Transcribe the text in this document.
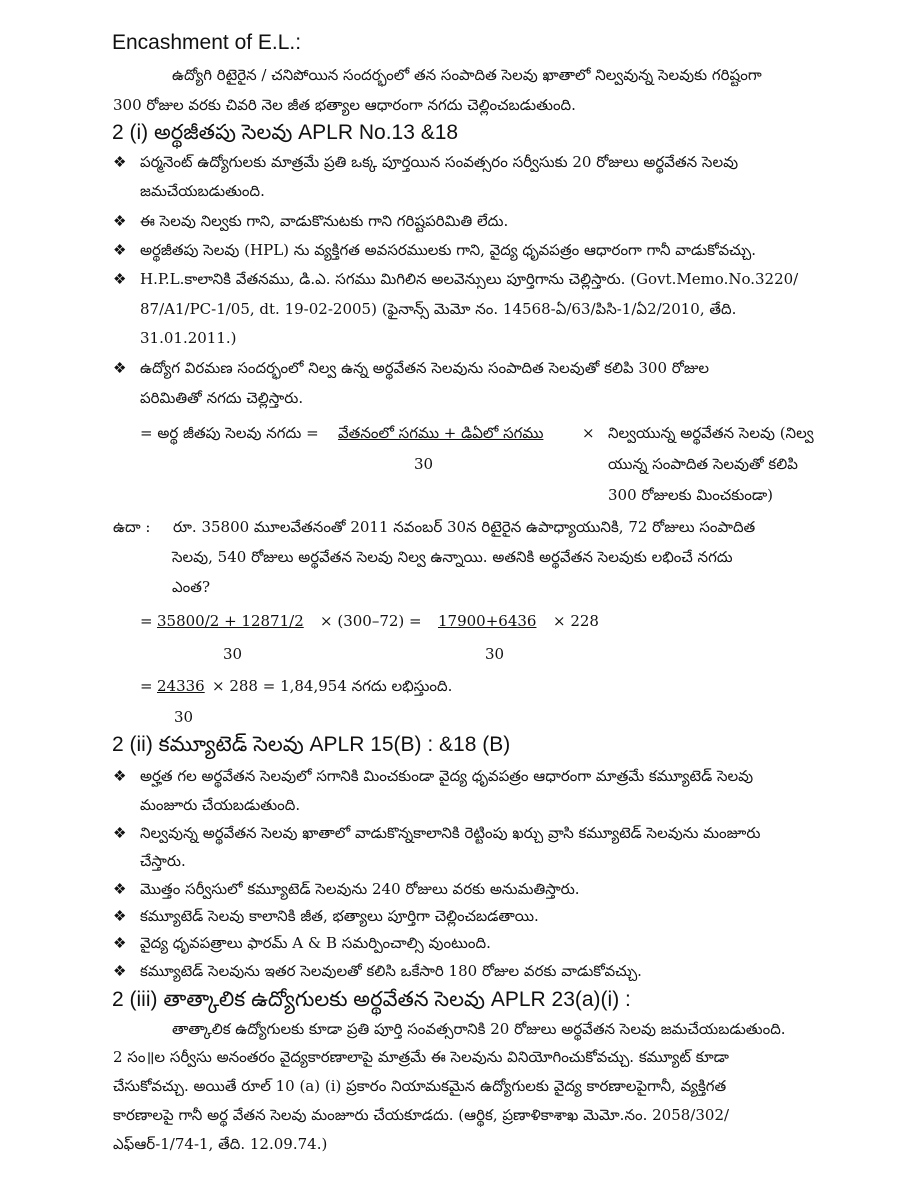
Encashment of E.L.:
ఉద్యోగి రిటైరైన / చనిపోయిన సందర్భంలో తన సంపాదిత సెలవు ఖాతాలో నిల్వవున్న సెలవుకు గరిష్టంగా
300 రోజుల వరకు చివరి నెల జీత భత్యాల ఆధారంగా నగదు చెల్లించబడుతుంది.
2 (i) అర్థజీతపు సెలవు APLR No.13 &18
❖ పర్మనెంట్ ఉద్యోగులకు మాత్రమే ప్రతి ఒక్క పూర్తయిన సంవత్సరం సర్వీసుకు 20 రోజులు అర్థవేతన సెలవు
జమచేయబడుతుంది.
❖ ఈ సెలవు నిల్వకు గాని, వాడుకొనుటకు గాని గరిష్టపరిమితి లేదు.
❖ అర్థజీతపు సెలవు (HPL) ను వ్యక్తిగత అవసరములకు గాని, వైద్య ధృవపత్రం ఆధారంగా గానీ వాడుకోవచ్చు.
❖ H.P.L.కాలానికి వేతనము, డి.ఎ. సగము మిగిలిన అలవెన్సులు పూర్తిగాను చెల్లిస్తారు. (Govt.Memo.No.3220/
87/A1/PC-1/05, dt. 19-02-2005) (ఫైనాన్స్ మెమో నం. 14568-ఏ/63/పిసి-1/ఏ2/2010, తేది.
31.01.2011.)
❖ ఉద్యోగ విరమణ సందర్భంలో నిల్వ ఉన్న అర్థవేతన సెలవును సంపాదిత సెలవుతో కలిపి 300 రోజుల
పరిమితితో నగదు చెల్లిస్తారు.
= అర్థ జీతపు సెలవు నగదు = వేతనంలో సగము + డిఏలో సగము	× నిల్వయున్న అర్థవేతన సెలవు (నిల్వ
30	యున్న సంపాదిత సెలవుతో కలిపి
300 రోజులకు మించకుండా)
ఉదా : రూ. 35800 మూలవేతనంతో 2011 నవంబర్ 30న రిటైరైన ఉపాధ్యాయునికి, 72 రోజులు సంపాదిత
సెలవు, 540 రోజులు అర్థవేతన సెలవు నిల్వ ఉన్నాయి. అతనికి అర్థవేతన సెలవుకు లభించే నగదు
ఎంత?
= 35800/2 + 12871/2 × (300–72) = 17900+6436 × 228
30	30
= 24336 × 288 = 1,84,954 నగదు లభిస్తుంది.
30
2 (ii) కమ్యూటెడ్ సెలవు APLR 15(B) : &18 (B)
❖ అర్హత గల అర్థవేతన సెలవులో సగానికి మించకుండా వైద్య ధృవపత్రం ఆధారంగా మాత్రమే కమ్యూటెడ్ సెలవు
మంజూరు చేయబడుతుంది.
❖ నిల్వవున్న అర్థవేతన సెలవు ఖాతాలో వాడుకొన్నకాలానికి రెట్టింపు ఖర్చు వ్రాసి కమ్యూటెడ్ సెలవును మంజూరు
చేస్తారు.
❖ మొత్తం సర్వీసులో కమ్యూటెడ్ సెలవును 240 రోజులు వరకు అనుమతిస్తారు.
❖ కమ్యూటెడ్ సెలవు కాలానికి జీత, భత్యాలు పూర్తిగా చెల్లించబడతాయి.
❖ వైద్య ధృవపత్రాలు ఫారమ్ A & B సమర్పించాల్సి వుంటుంది.
❖ కమ్యూటెడ్ సెలవును ఇతర సెలవులతో కలిసి ఒకేసారి 180 రోజుల వరకు వాడుకోవచ్చు.
2 (iii) తాత్కాలిక ఉద్యోగులకు అర్థవేతన సెలవు APLR 23(a)(i) :
తాత్కాలిక ఉద్యోగులకు కూడా ప్రతి పూర్తి సంవత్సరానికి 20 రోజులు అర్థవేతన సెలవు జమచేయబడుతుంది.
2 సం॥ల సర్వీసు అనంతరం వైద్యకారణాలాపై మాత్రమే ఈ సెలవును వినియోగించుకోవచ్చు. కమ్యూట్ కూడా
చేసుకోవచ్చు. అయితే రూల్ 10 (a) (i) ప్రకారం నియామకమైన ఉద్యోగులకు వైద్య కారణాలపైగానీ, వ్యక్తిగత
కారణాలపై గానీ అర్థ వేతన సెలవు మంజూరు చేయకూడదు. (ఆర్థిక, ప్రణాళికాశాఖ మెమో.నం. 2058/302/
ఎఫ్ఆర్-1/74-1, తేది. 12.09.74.)
